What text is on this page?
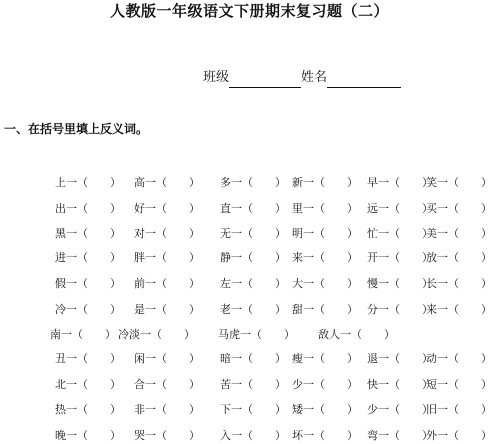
人教版一年级语文下册期末复习题（二）
班级	姓名
一、在括号里填上反义词。
上一（　　） 高一（　　） 多一（　　） 新一（　　） 早一（　　）
笑一（　　）
出一（　　） 好一（　　） 直一（　　） 里一（　　） 远一（　　）
买一（　　）
黑一（　　） 对一（　　） 无一（　　） 明一（　　） 忙一（　　）
美一（　　）
进一（　　） 胖一（　　） 静一（　　） 来一（　　） 开一（　　）
放一（　　）
假一（　　） 前一（　　） 左一（　　） 大一（　　） 慢一（　　）
长一（　　）
冷一（　　） 是一（　　） 老一（　　） 甜一（　　） 分一（　　）
来一（　　）
南一（　　） 冷淡一（　　） 马虎一（　　） 敌人一（　　）
丑一（　　） 闲一（　　） 暗一（　　） 瘦一（　　） 退一（　　）
动一（　　）
北一（　　） 合一（　　） 苦一（　　） 少一（　　） 快一（　　）
短一（　　）
热一（　　） 非一（　　） 下一（　　） 矮一（　　） 少一（　　）
旧一（　　）
晚一（　　） 哭一（　　） 入一（　　） 坏一（　　） 弯一（　　）
外一（　　）
